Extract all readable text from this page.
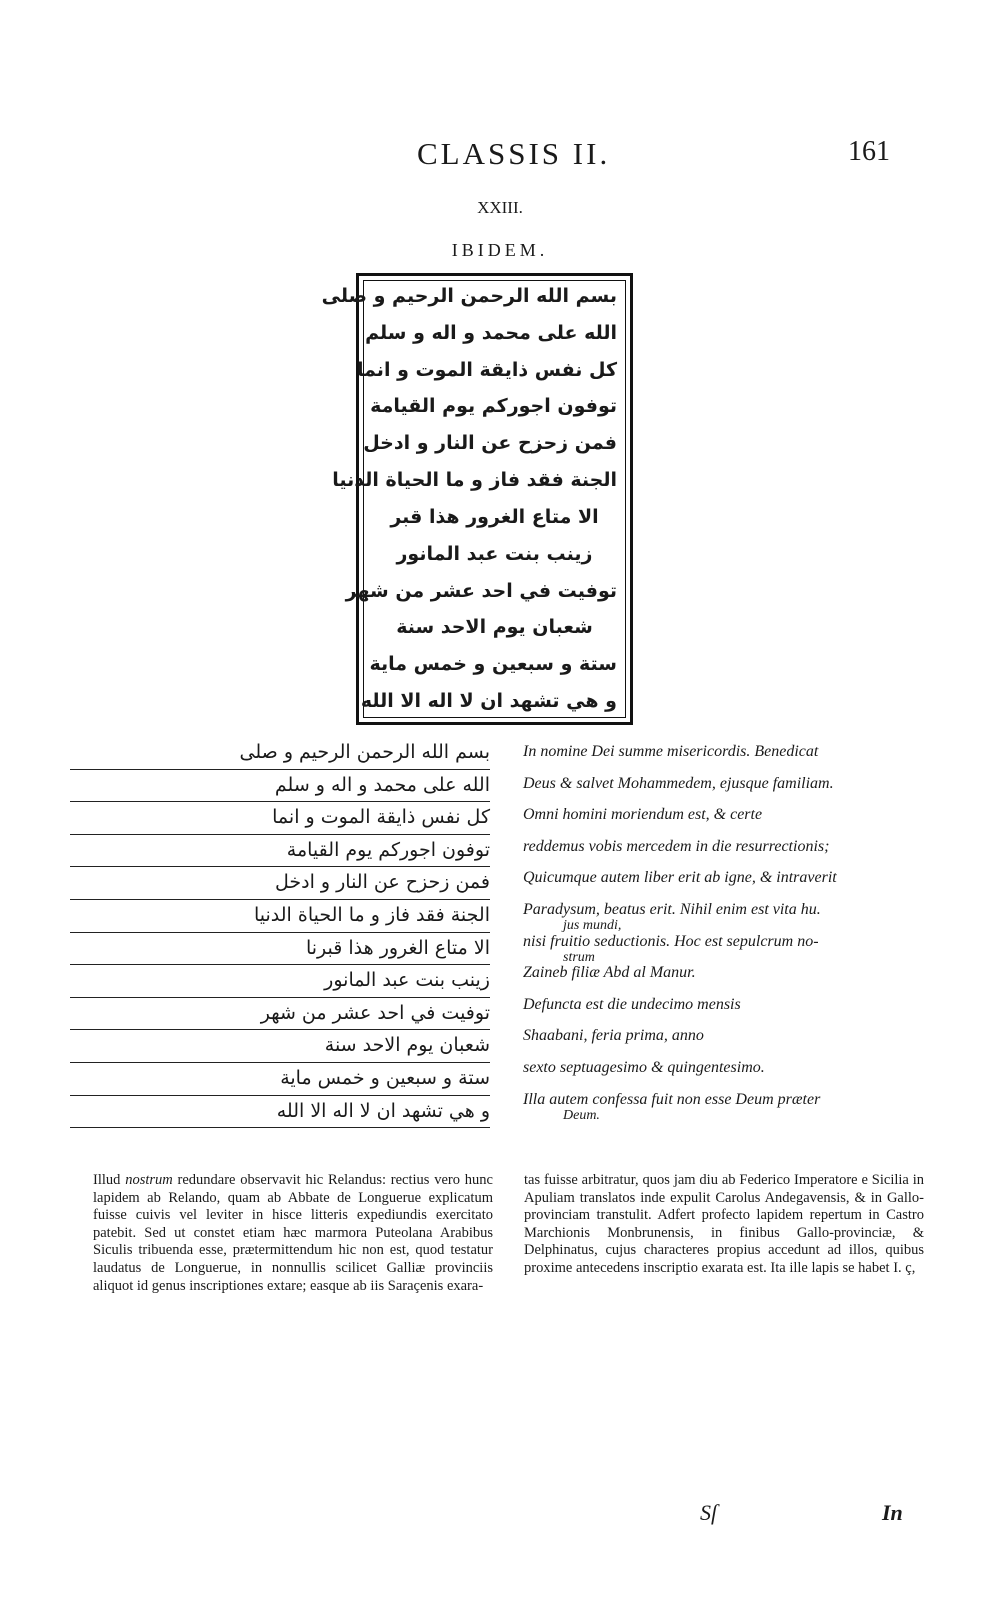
CLASSIS II.	161
XXIII.
IBIDEM.
بسم الله الرحمن الرحيم و صلى
الله على محمد و اله و سلم
كل نفس ذايقة الموت و انما
توفون اجوركم يوم القيامة
فمن زحزح عن النار و ادخل
الجنة فقد فاز و ما الحياة الدنيا
الا متاع الغرور هذا قبر
زينب بنت عبد المانور
توفيت في احد عشر من شهر
شعبان يوم الاحد سنة
ستة و سبعين و خمس ماية
و هي تشهد ان لا اله الا الله
بسم الله الرحمن الرحيم و صلى
الله على محمد و اله و سلم
كل نفس ذايقة الموت و انما
توفون اجوركم يوم القيامة
فمن زحزح عن النار و ادخل
الجنة فقد فاز و ما الحياة الدنيا
الا متاع الغرور هذا قبرنا
زينب بنت عبد المانور
توفيت في احد عشر من شهر
شعبان يوم الاحد سنة
ستة و سبعين و خمس ماية
و هي تشهد ان لا اله الا الله
In nomine Dei summe misericordis. Benedicat
Deus & salvet Mohammedem, ejusque familiam.
Omni homini moriendum est, & certe
reddemus vobis mercedem in die resurrectionis;
Quicumque autem liber erit ab igne, & intraverit
Paradysum, beatus erit. Nihil enim est vita hu.
jus mundi,
nisi fruitio seductionis. Hoc est sepulcrum no-
strum
Zaineb filiæ Abd al Manur.
Defuncta est die undecimo mensis
Shaabani, feria prima, anno
sexto septuagesimo & quingentesimo.
Illa autem confessa fuit non esse Deum præter
Deum.

Illud nostrum redundare observavit hic Relandus: rectius vero hunc lapidem ab Relando, quam ab Abbate de Longuerue explicatum fuisse cuivis vel leviter in hisce litteris expediundis exercitato patebit. Sed ut constet etiam hæc marmora Puteolana Arabibus Siculis tribuenda esse, prætermittendum hic non est, quod testatur laudatus de Longuerue, in nonnullis scilicet Galliæ provinciis aliquot id genus inscriptiones extare; easque ab iis Saraçenis exara-

tas fuisse arbitratur, quos jam diu ab Federico Imperatore e Sicilia in Apuliam translatos inde expulit Carolus Andegavensis, & in Gallo-provinciam transtulit. Adfert profecto lapidem repertum in Castro Marchionis Monbrunensis, in finibus Gallo-provinciæ, & Delphinatus, cujus characteres propius accedunt ad illos, quibus proxime antecedens inscriptio exarata est. Ita ille lapis se habet I. ç,

Sſ	In
